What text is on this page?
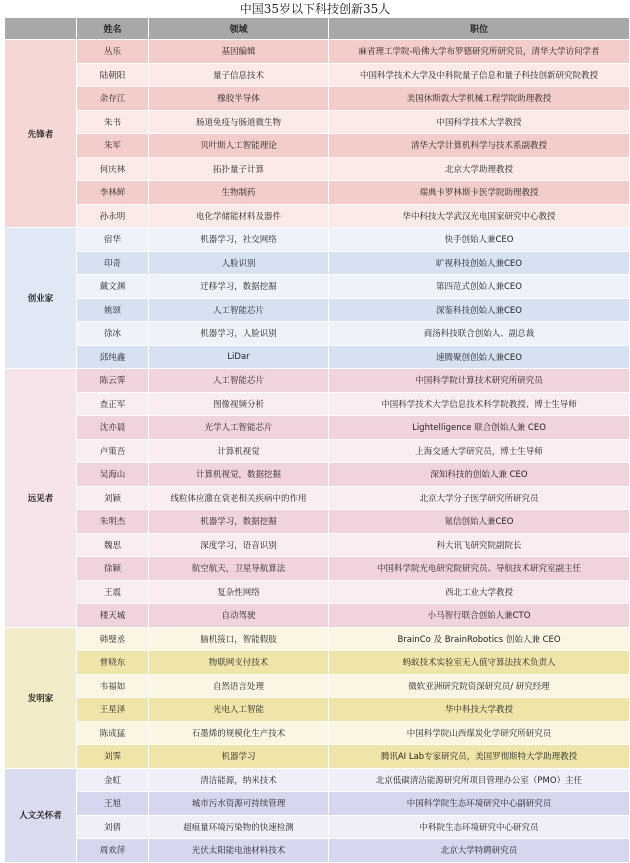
中国35岁以下科技创新35人
	姓名	领域	职位
先锋者	丛乐	基因编辑	麻省理工学院-哈佛大学布罗德研究所研究员，清华大学访问学者
	陆朝阳	量子信息技术	中国科学技术大学及中科院量子信息和量子科技创新研究院教授
	余存江	橡胶半导体	美国休斯敦大学机械工程学院助理教授
	朱书	肠道免疫与肠道微生物	中国科学技术大学教授
	朱军	贝叶斯人工智能理论	清华大学计算机科学与技术系副教授
	何庆林	拓扑量子计算	北京大学助理教授
	李林鲜	生物制药	瑞典卡罗林斯卡医学院助理教授
	孙永明	电化学储能材料及器件	华中科技大学武汉光电国家研究中心教授
创业家	宿华	机器学习，社交网络	快手创始人兼CEO
	印奇	人脸识别	旷视科技创始人兼CEO
	戴文渊	迁移学习，数据挖掘	第四范式创始人兼CEO
	姚颂	人工智能芯片	深鉴科技创始人兼CEO
	徐冰	机器学习，人脸识别	商汤科技联合创始人、副总裁
	邱纯鑫	LiDar	速腾聚创创始人兼CEO
远见者	陈云霁	人工智能芯片	中国科学院计算技术研究所研究员
	查正军	图像视频分析	中国科学技术大学信息技术科学院教授、博士生导师
	沈亦晨	光学人工智能芯片	Lightelligence 联合创始人兼 CEO
	卢策吾	计算机视觉	上海交通大学研究员，博士生导师
	吴海山	计算机视觉，数据挖掘	深知科技的创始人兼 CEO
	刘颖	线粒体应激在衰老相关疾病中的作用	北京大学分子医学研究所研究员
	朱明杰	机器学习，数据挖掘	氪信创始人兼CEO
	魏思	深度学习，语音识别	科大讯飞研究院副院长
	徐颖	航空航天，卫星导航算法	中国科学院光电研究院研究员、导航技术研究室副主任
	王震	复杂性网络	西北工业大学教授
	楼天城	自动驾驶	小马智行联合创始人兼CTO
发明家	韩璧丞	脑机接口，智能假肢	BrainCo 及 BrainRobotics 创始人兼 CEO
	曾晓东	物联网支付技术	蚂蚁技术实验室无人值守算法技术负责人
	韦福如	自然语言处理	微软亚洲研究院资深研究员/ 研究经理
	王星泽	光电人工智能	华中科技大学教授
	陈成猛	石墨烯的规模化生产技术	中国科学院山西煤炭化学研究所研究员
	刘霁	机器学习	腾讯AI Lab专家研究员，美国罗彻斯特大学助理教授
人文关怀者	金虹	清洁能源，纳米技术	北京低碳清洁能源研究所项目管理办公室（PMO）主任
	王旭	城市污水资源可持续管理	中国科学院生态环境研究中心副研究员
	刘倩	超痕量环境污染物的快速检测	中科院生态环境研究中心研究员
	周欢萍	光伏太阳能电池材料技术	北京大学特聘研究员
